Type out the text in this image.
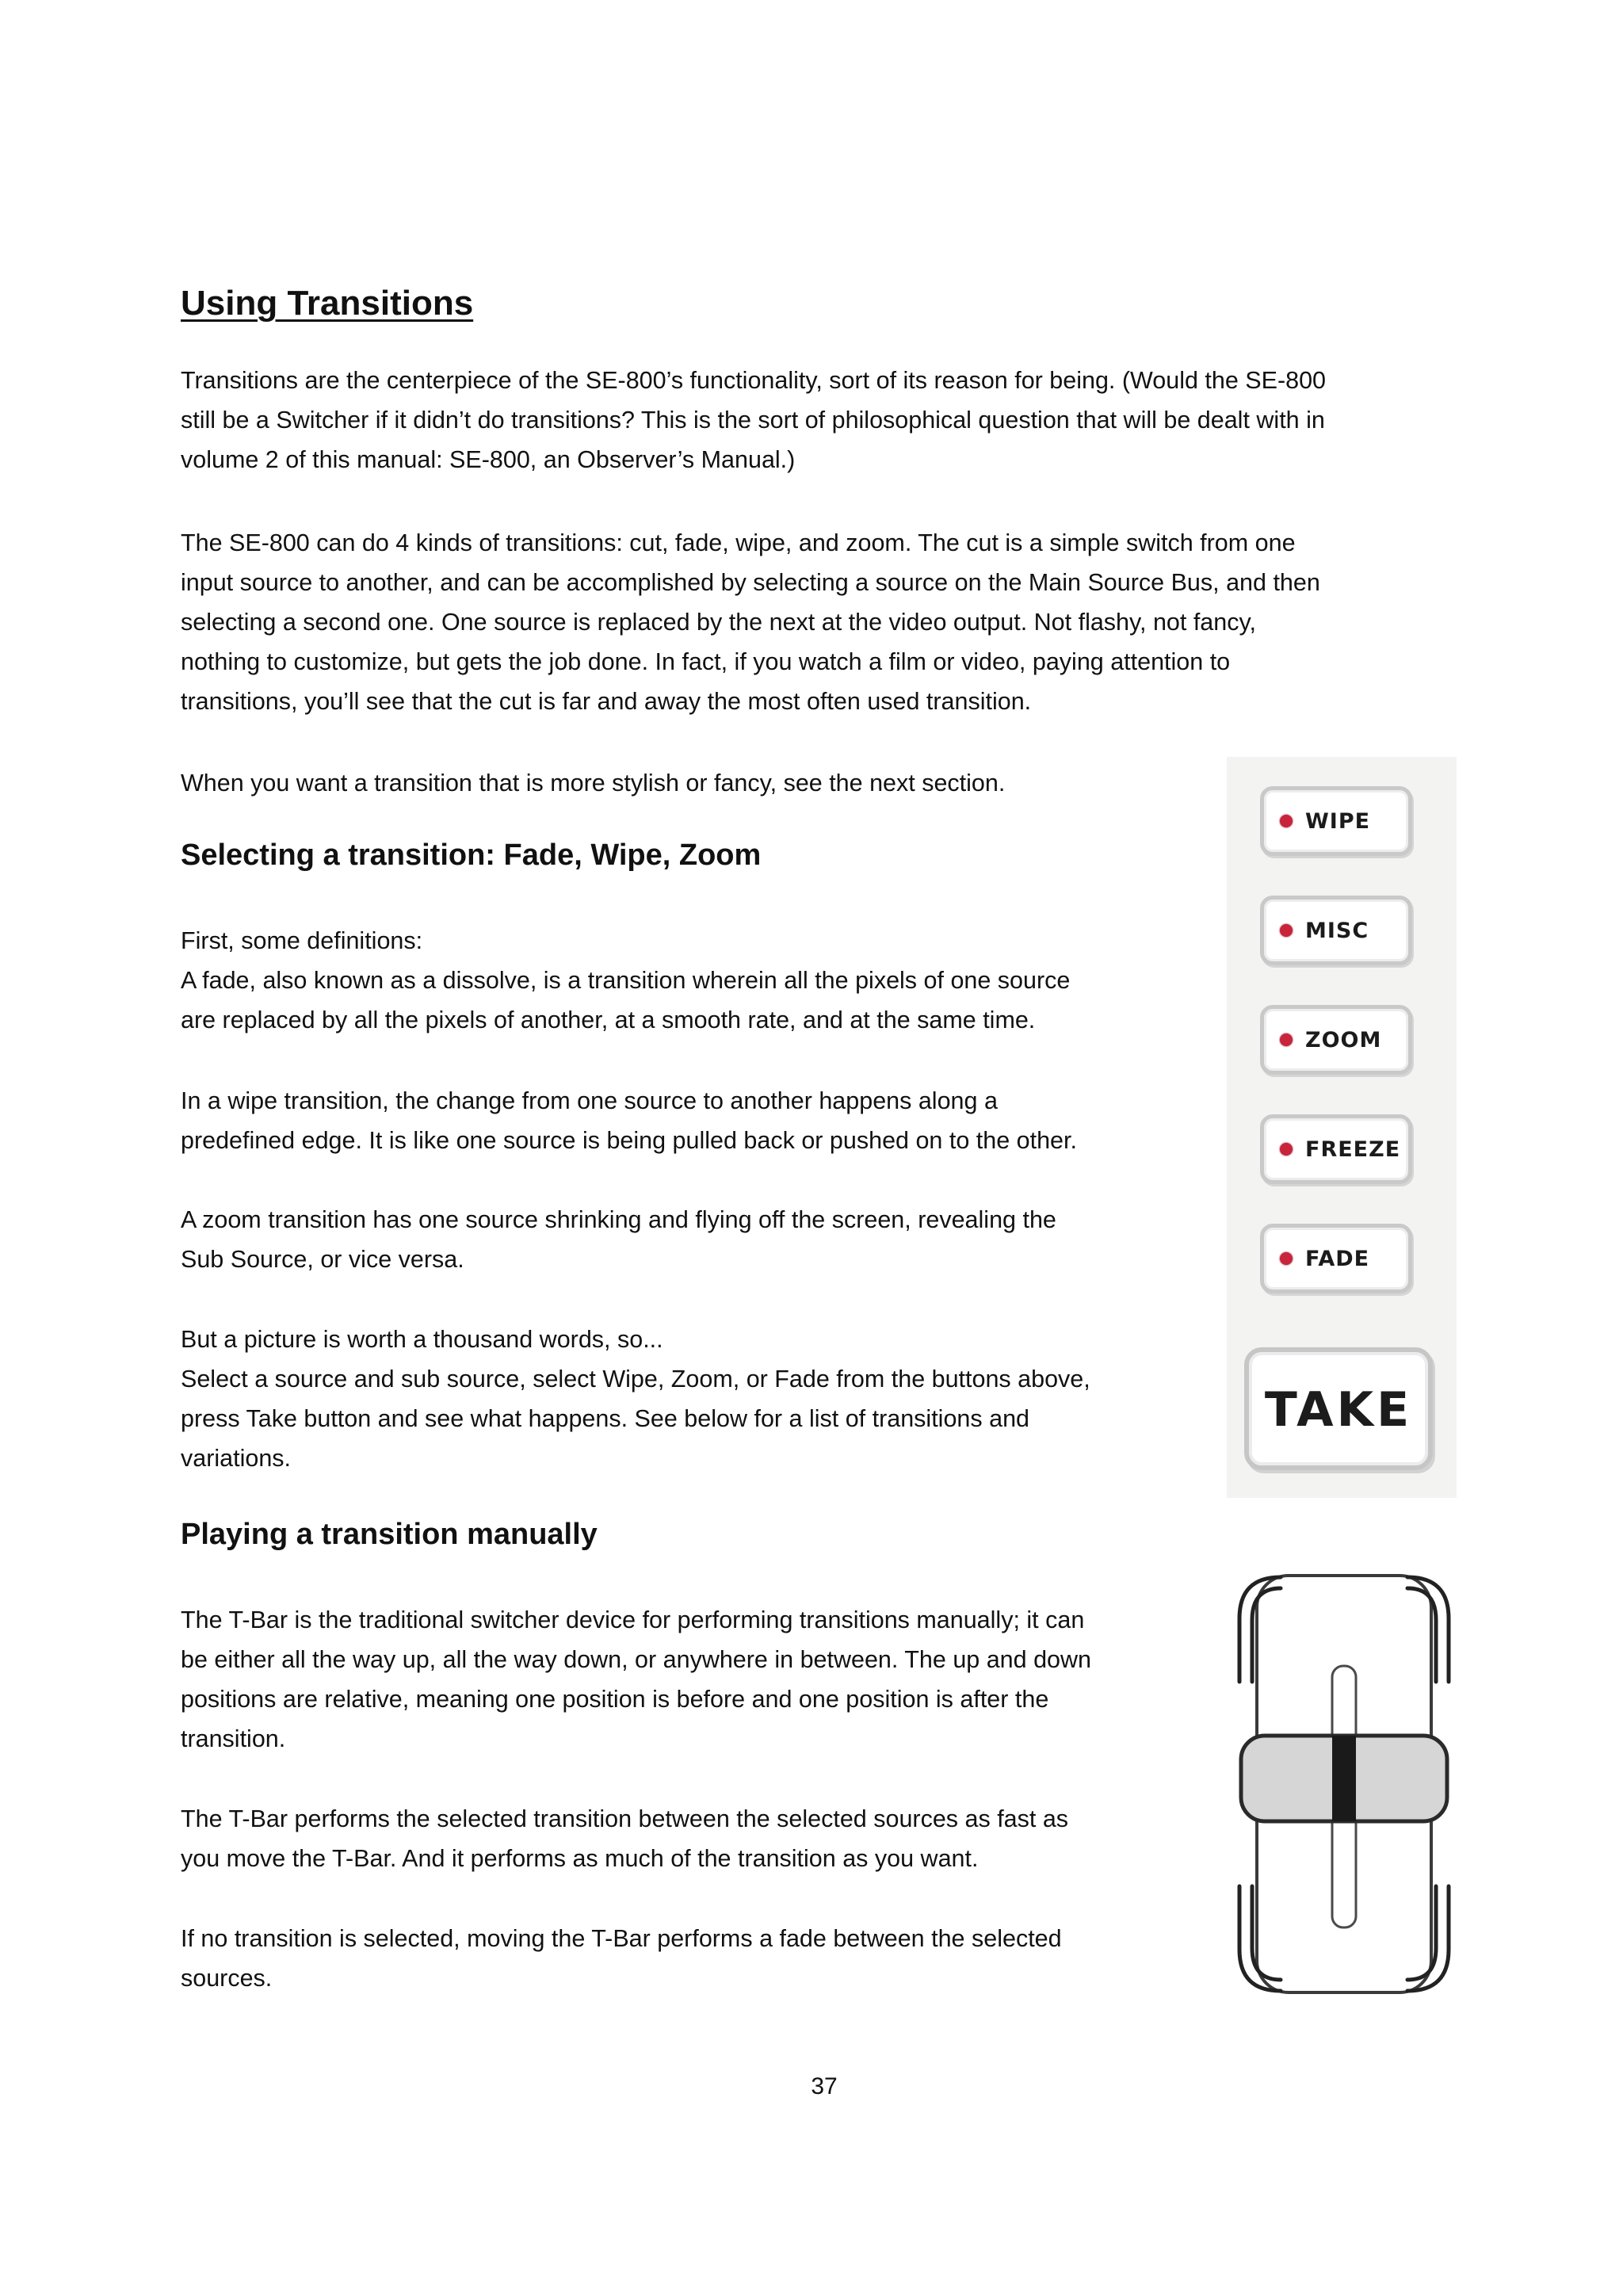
Using Transitions
Transitions are the centerpiece of the SE-800’s functionality, sort of its reason for being. (Would the SE-800
still be a Switcher if it didn’t do transitions? This is the sort of philosophical question that will be dealt with in
volume 2 of this manual: SE-800, an Observer’s Manual.)
The SE-800 can do 4 kinds of transitions: cut, fade, wipe, and zoom. The cut is a simple switch from one
input source to another, and can be accomplished by selecting a source on the Main Source Bus, and then
selecting a second one. One source is replaced by the next at the video output. Not flashy, not fancy,
nothing to customize, but gets the job done. In fact, if you watch a film or video, paying attention to
transitions, you’ll see that the cut is far and away the most often used transition.
When you want a transition that is more stylish or fancy, see the next section.
Selecting a transition: Fade, Wipe, Zoom
First, some definitions:
A fade, also known as a dissolve, is a transition wherein all the pixels of one source
are replaced by all the pixels of another, at a smooth rate, and at the same time.
In a wipe transition, the change from one source to another happens along a
predefined edge. It is like one source is being pulled back or pushed on to the other.
A zoom transition has one source shrinking and flying off the screen, revealing the
Sub Source, or vice versa.
But a picture is worth a thousand words, so...
Select a source and sub source, select Wipe, Zoom, or Fade from the buttons above,
press Take button and see what happens. See below for a list of transitions and
variations.
Playing a transition manually
The T-Bar is the traditional switcher device for performing transitions manually; it can
be either all the way up, all the way down, or anywhere in between. The up and down
positions are relative, meaning one position is before and one position is after the
transition.
The T-Bar performs the selected transition between the selected sources as fast as
you move the T-Bar. And it performs as much of the transition as you want.
If no transition is selected, moving the T-Bar performs a fade between the selected
sources.
WIPE
MISC
ZOOM
FREEZE
FADE
TAKE
37
